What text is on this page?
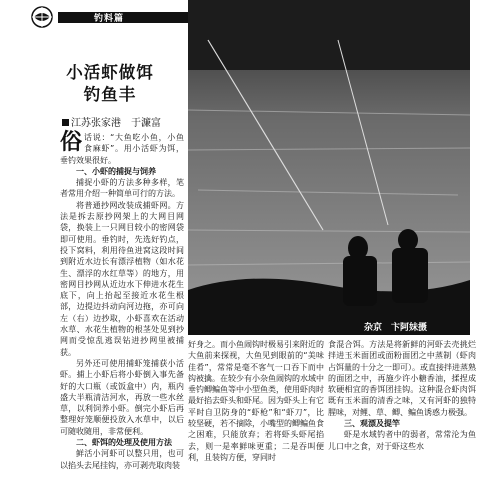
钓料篇
小活虾做饵
钓鱼丰
江苏张家港　于濂富

俗话说：“大鱼吃小鱼，小鱼食麻虾”。用小活虾为饵，垂钓效果很好。

一、小虾的捕捉与饲养

捕捉小虾的方法多种多样，笔者常用介绍一种简单可行的方法。

将普通抄网改装成捕虾网。方法是拆去原抄网架上的大网目网袋，换装上一只网目较小的密网袋即可使用。垂钓时，先选好钓点，投下窝料，利用待鱼进窝这段时间到附近水边长有漂浮植物（如水花生、漂浮的水红草等）的地方，用密网目抄网从近边水下伸进水花生底下，向上抬起至接近水花生根部，边提边抖动向河边拖，亦可向左（右）边抄取，小虾喜欢在活动水草、水花生植物的根茎处见到抄网而受惊乱逃误钻进抄网里被捕获。

另外还可使用捕虾笼捕获小活虾。捕上小虾后将小虾倒入事先备好的大口瓶（或饭盒中）内，瓶内盛大半瓶清洁河水，再放一些水丝草，以利饲养小虾。倒完小虾后再整理好笼顺便投放入水草中，以后可随收随用，非常便利。

二、虾饵的处理及使用方法

鲜活小河虾可以整只用，也可以掐头去尾挂钩，亦可剥壳取肉装

杂京　卞阿妹摄

好身之。而小鱼闹钩时极易引来附近的大鱼前来探视，大鱼见到眼前的“美味佳肴”，常常是毫不客气一口吞下而中钩被擒。在较少有小杂鱼闹钩的水域中垂钓鲫鳊鱼等中小型鱼类，使用虾肉时最好掐去虾头和虾尾。因为虾头上有它平时自卫防身的“虾枪”和“虾刀”，比较坚硬，若不摘除，小嘴型的鲫鳊鱼食之困难，只能放弃；若将虾头虾尾掐去，则一是率鲜味更重；二是吞叫便利，且装钩方便，穿同时

食混合饵。方法是将新鲜的河虾去壳挑烂拌进玉米面团或面粉面团之中蒸制（虾肉占饵量的十分之一即可）。或直接拌进蒸熟的面团之中，再施少许小糖香油，揉捏成软硬相宜的香饵团挂钩。这种混合虾肉饵既有玉米面的清香之味，又有河虾的独特腥味，对鲤、草、鲫、鳊鱼诱惑力极强。

三、观漂及提竿

虾是水域钓者中的弱者，常常沦为鱼儿口中之食，对于虾这些水
